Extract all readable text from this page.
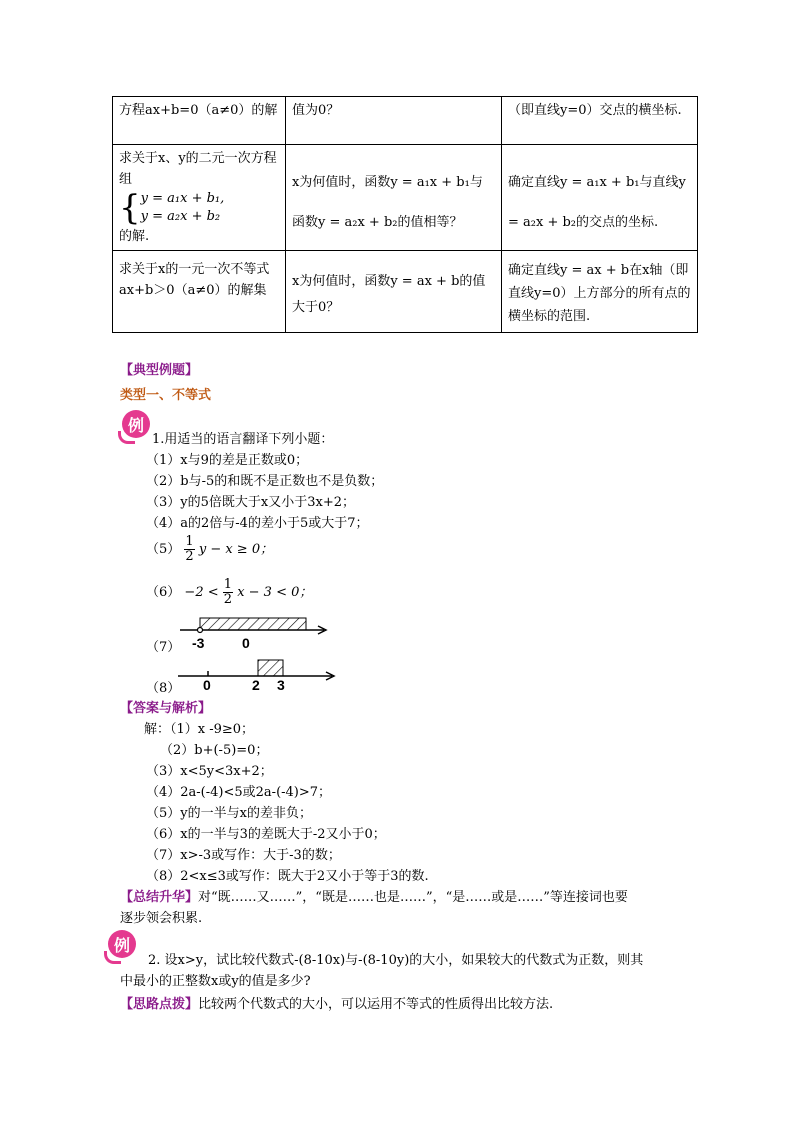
方程ax+b=0（a≠0）的解	值为0？	（即直线y=0）交点的横坐标.

求关于x、y的二元一次方程组
{y = a₁x + b₁,
y = a₂x + b₂
的解.	x为何值时，函数y = a₁x + b₁与函数y = a₂x + b₂的值相等？	确定直线y = a₁x + b₁与直线y = a₂x + b₂的交点的坐标.
求关于x的一元一次不等式ax+b＞0（a≠0）的解集	x为何值时，函数y = ax + b的值大于0？	确定直线y = ax + b在x轴（即直线y=0）上方部分的所有点的横坐标的范围.
【典型例题】
类型一、不等式
例
1.用适当的语言翻译下列小题：
（1）x与9的差是正数或0；
（2）b与-5的和既不是正数也不是负数；
（3）y的5倍既大于x又小于3x+2；
（4）a的2倍与-4的差小于5或大于7；
$(5) \frac{1}{2}$ y − x ≥ 0；
$(6) -2 < \frac{1}{2}$ x − 3 < 0；
（7） -3	0
（8） 0	2 3
【答案与解析】
解：（1）x -9≥0；
（2）b+(-5)=0；
（3）x<5y<3x+2；
（4）2a-(-4)<5或2a-(-4)>7；
（5）y的一半与x的差非负；
（6）x的一半与3的差既大于-2又小于0；
（7）x>-3或写作：大于-3的数；
（8）2<x≤3或写作：既大于2又小于等于3的数.
【总结升华】对“既……又……”，“既是……也是……”，“是……或是……”等连接词也要
逐步领会积累.
例
2. 设x>y，试比较代数式-(8-10x)与-(8-10y)的大小，如果较大的代数式为正数，则其
中最小的正整数x或y的值是多少?
【思路点拨】比较两个代数式的大小，可以运用不等式的性质得出比较方法.
